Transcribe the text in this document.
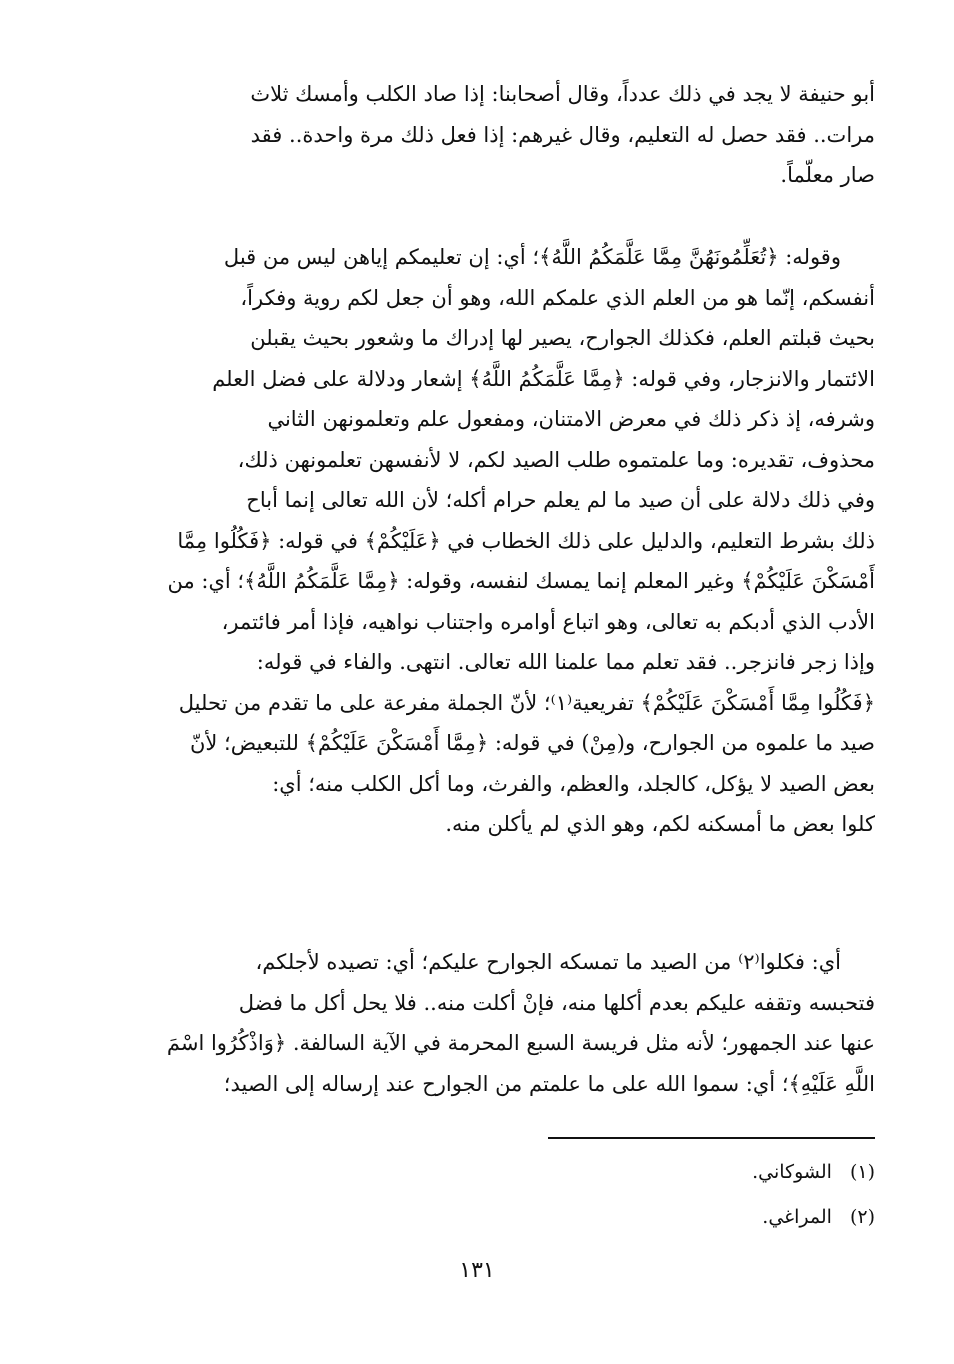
أبو حنيفة لا يجد في ذلك عدداً، وقال أصحابنا: إذا صاد الكلب وأمسك ثلاث
مرات.. فقد حصل له التعليم، وقال غيرهم: إذا فعل ذلك مرة واحدة.. فقد
صار معلّماً.

وقوله: ﴿تُعَلِّمُونَهُنَّ مِمَّا عَلَّمَكُمُ اللَّهُ﴾؛ أي: إن تعليمكم إياهن ليس من قبل
أنفسكم، إنّما هو من العلم الذي علمكم الله، وهو أن جعل لكم روية وفكراً،
بحيث قبلتم العلم، فكذلك الجوارح، يصير لها إدراك ما وشعور بحيث يقبلن
الائتمار والانزجار، وفي قوله: ﴿مِمَّا عَلَّمَكُمُ اللَّهُ﴾ إشعار ودلالة على فضل العلم
وشرفه، إذ ذكر ذلك في معرض الامتنان، ومفعول علم وتعلمونهن الثاني
محذوف، تقديره: وما علمتموه طلب الصيد لكم، لا لأنفسهن تعلمونهن ذلك،
وفي ذلك دلالة على أن صيد ما لم يعلم حرام أكله؛ لأن الله تعالى إنما أباح
ذلك بشرط التعليم، والدليل على ذلك الخطاب في ﴿عَلَيْكُمْ﴾ في قوله: ﴿فَكُلُوا مِمَّا
أَمْسَكْنَ عَلَيْكُمْ﴾ وغير المعلم إنما يمسك لنفسه، وقوله: ﴿مِمَّا عَلَّمَكُمُ اللَّهُ﴾؛ أي: من
الأدب الذي أدبكم به تعالى، وهو اتباع أوامره واجتناب نواهيه، فإذا أمر فائتمر،
وإذا زجر فانزجر.. فقد تعلم مما علمنا الله تعالى. انتهى. والفاء في قوله:
﴿فَكُلُوا مِمَّا أَمْسَكْنَ عَلَيْكُمْ﴾ تفريعية⁽١⁾؛ لأنّ الجملة مفرعة على ما تقدم من تحليل
صيد ما علموه من الجوارح، و(مِنْ) في قوله: ﴿مِمَّا أَمْسَكْنَ عَلَيْكُمْ﴾ للتبعيض؛ لأنّ
بعض الصيد لا يؤكل، كالجلد، والعظم، والفرث، وما أكل الكلب منه؛ أي:
كلوا بعض ما أمسكنه لكم، وهو الذي لم يأكلن منه.

أي: فكلوا⁽٢⁾ من الصيد ما تمسكه الجوارح عليكم؛ أي: تصيده لأجلكم،
فتحبسه وتقفه عليكم بعدم أكلها منه، فإنْ أكلت منه.. فلا يحل أكل ما فضل
عنها عند الجمهور؛ لأنه مثل فريسة السبع المحرمة في الآية السالفة. ﴿وَاذْكُرُوا اسْمَ
اللَّهِ عَلَيْهِ﴾؛ أي: سموا الله على ما علمتم من الجوارح عند إرساله إلى الصيد؛

(١)الشوكاني.
(٢)المراغي.
١٣١
